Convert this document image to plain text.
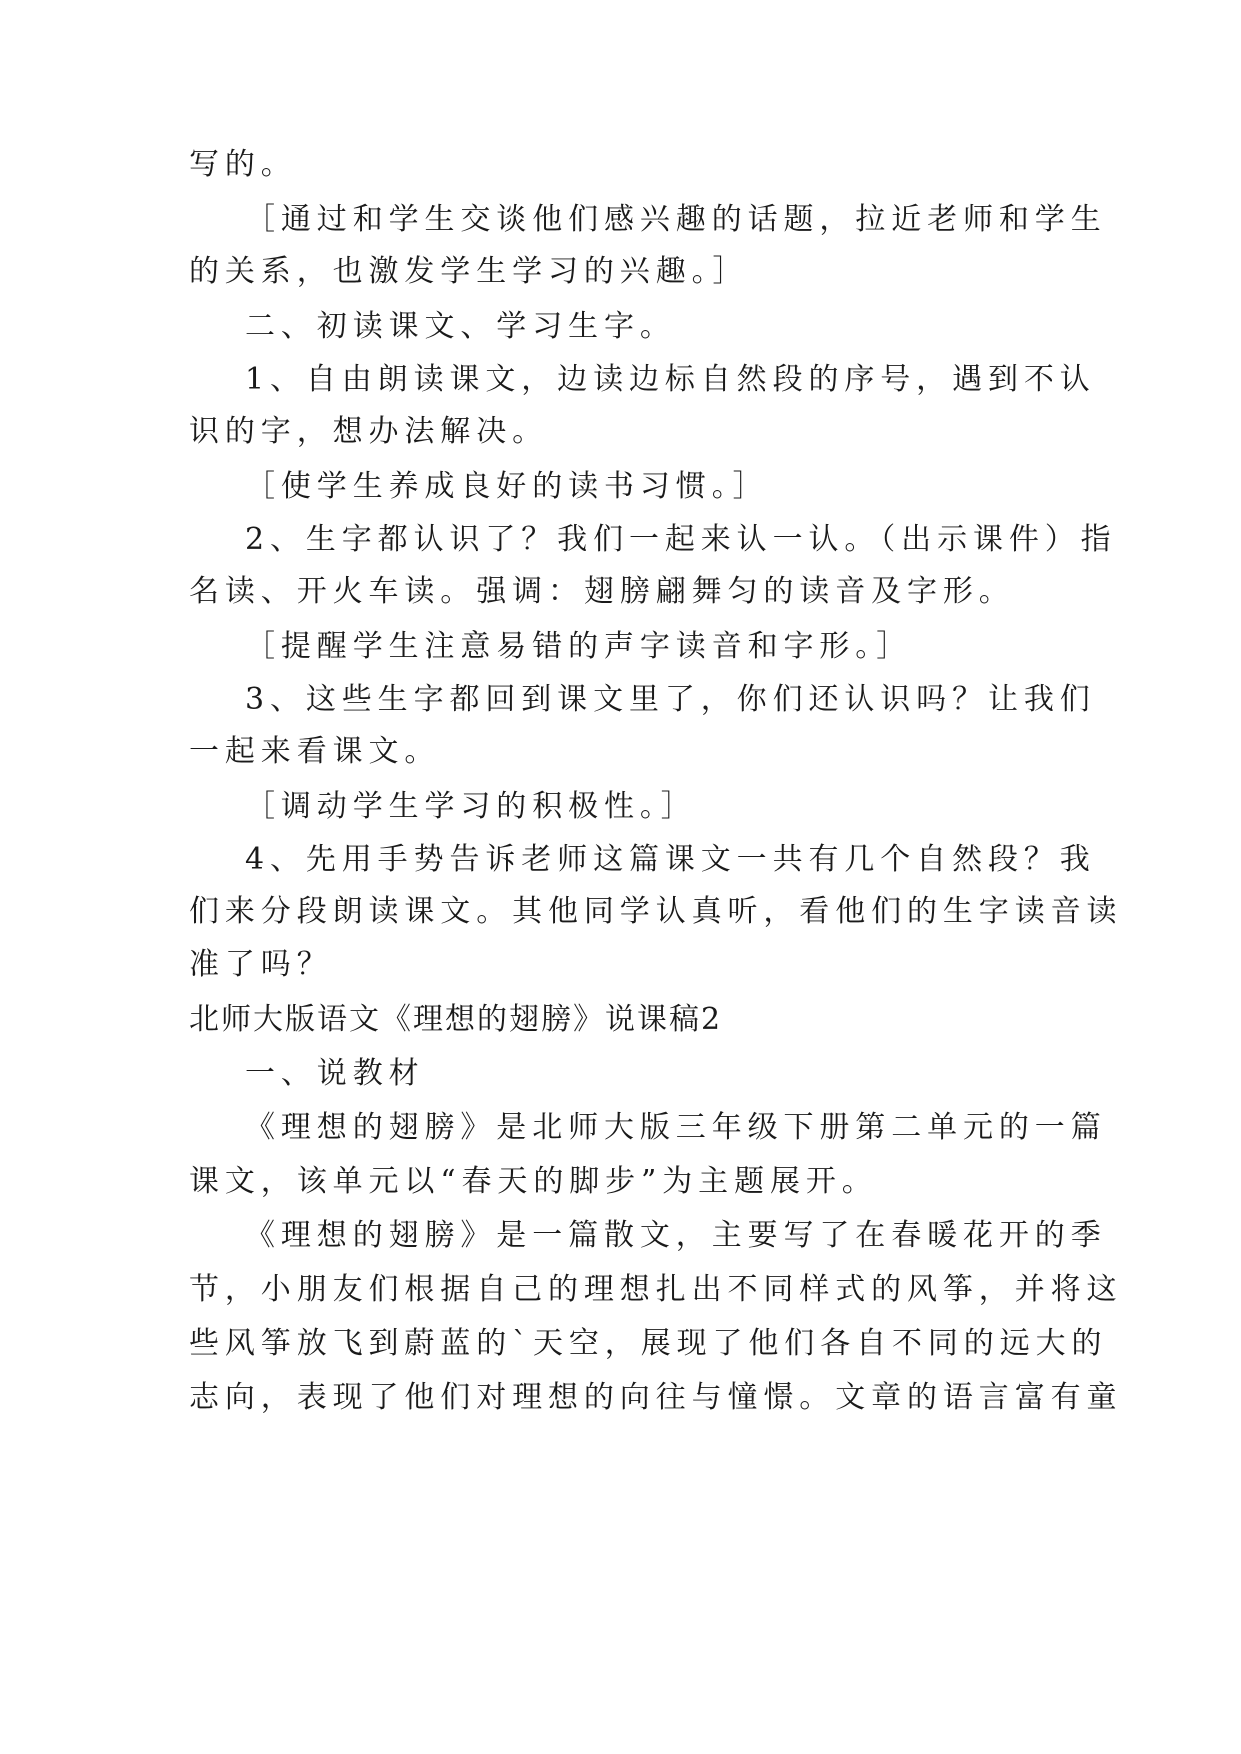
写的。
［通过和学生交谈他们感兴趣的话题，拉近老师和学生
的关系，也激发学生学习的兴趣。］
二、初读课文、学习生字。
1、自由朗读课文，边读边标自然段的序号，遇到不认
识的字，想办法解决。
［使学生养成良好的读书习惯。］
2、生字都认识了？我们一起来认一认。（出示课件）指
名读、开火车读。强调：翅膀翩舞匀的读音及字形。
［提醒学生注意易错的声字读音和字形。］
3、这些生字都回到课文里了，你们还认识吗？让我们
一起来看课文。
［调动学生学习的积极性。］
4、先用手势告诉老师这篇课文一共有几个自然段？我
们来分段朗读课文。其他同学认真听，看他们的生字读音读
准了吗？
北师大版语文《理想的翅膀》说课稿2
一、说教材
《理想的翅膀》是北师大版三年级下册第二单元的一篇
课文，该单元以“春天的脚步”为主题展开。
《理想的翅膀》是一篇散文，主要写了在春暖花开的季
节，小朋友们根据自己的理想扎出不同样式的风筝，并将这
些风筝放飞到蔚蓝的`天空，展现了他们各自不同的远大的
志向，表现了他们对理想的向往与憧憬。文章的语言富有童
